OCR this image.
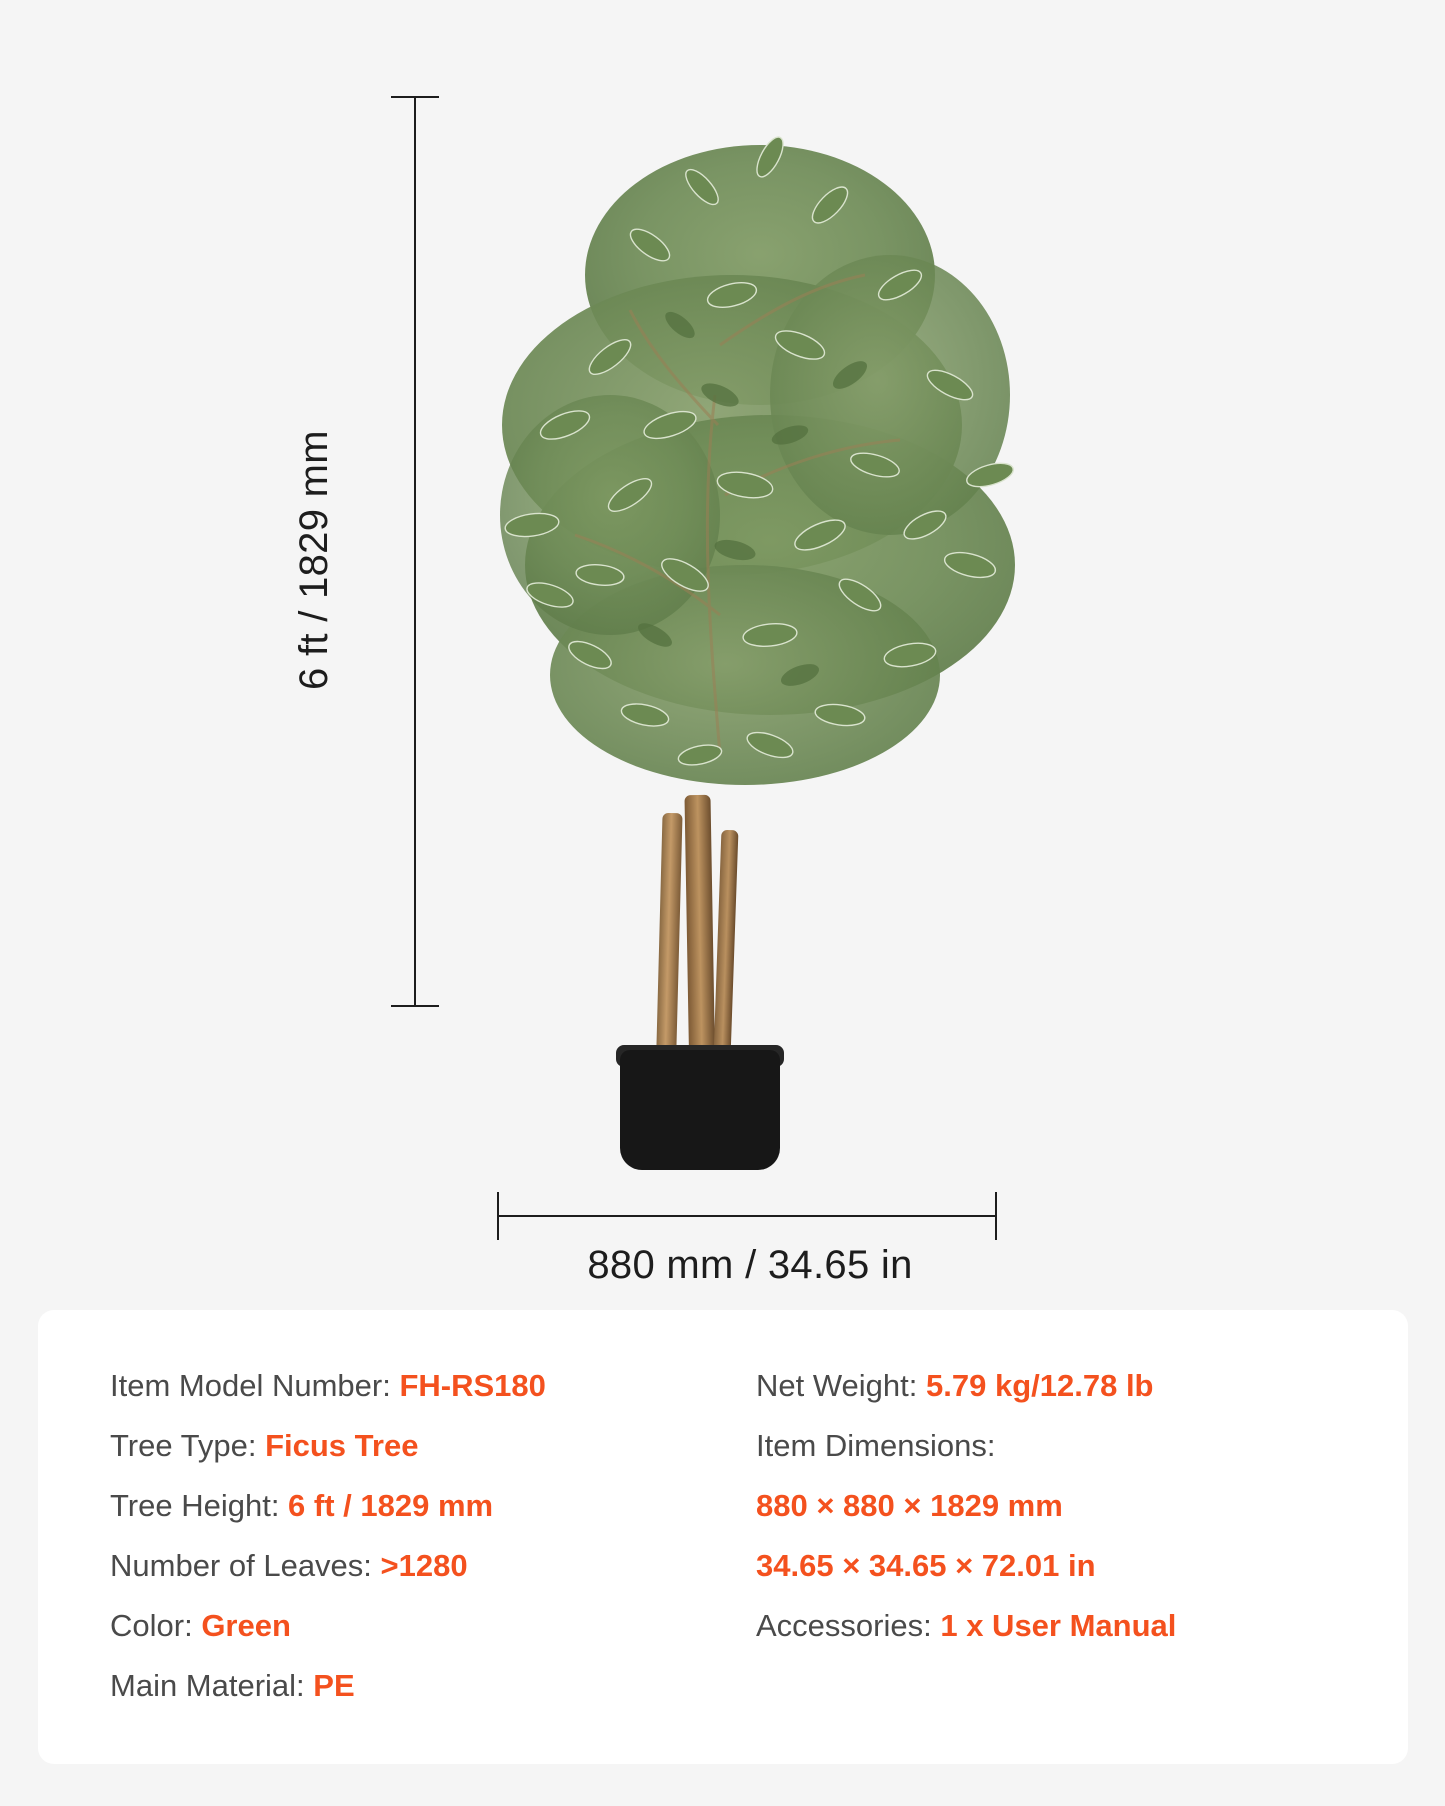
6 ft / 1829 mm
880 mm / 34.65 in
Item Model Number: FH-RS180
Tree Type: Ficus Tree
Tree Height: 6 ft / 1829 mm
Number of Leaves: >1280
Color: Green
Main Material: PE
Net Weight: 5.79 kg/12.78 lb
Item Dimensions:
880 × 880 × 1829 mm
34.65 × 34.65 × 72.01 in
Accessories: 1 x User Manual
